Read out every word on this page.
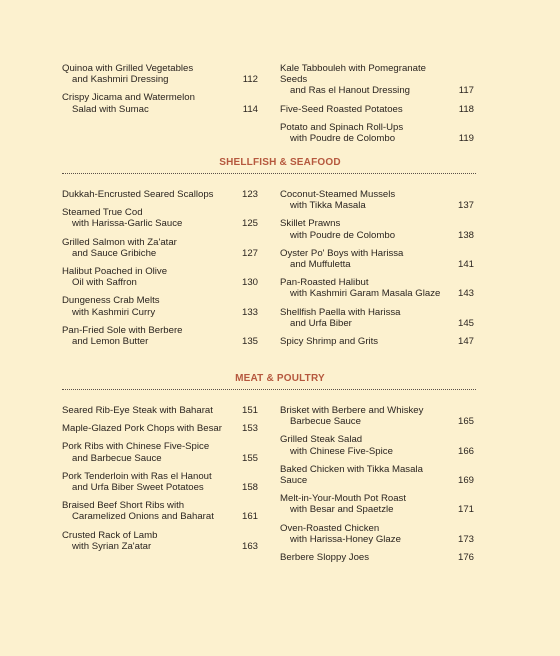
Quinoa with Grilled Vegetables
and Kashmiri Dressing	112
Crispy Jicama and Watermelon
Salad with Sumac	114
Kale Tabbouleh with Pomegranate Seeds
and Ras el Hanout Dressing	117
Five-Seed Roasted Potatoes	118
Potato and Spinach Roll-Ups
with Poudre de Colombo	119
SHELLFISH & SEAFOOD
Dukkah-Encrusted Seared Scallops	123
Steamed True Cod
with Harissa-Garlic Sauce	125
Grilled Salmon with Za'atar
and Sauce Gribiche	127
Halibut Poached in Olive
Oil with Saffron	130
Dungeness Crab Melts
with Kashmiri Curry	133
Pan-Fried Sole with Berbere
and Lemon Butter	135
Coconut-Steamed Mussels
with Tikka Masala	137
Skillet Prawns
with Poudre de Colombo	138
Oyster Po' Boys with Harissa
and Muffuletta	141
Pan-Roasted Halibut
with Kashmiri Garam Masala Glaze	143
Shellfish Paella with Harissa
and Urfa Biber	145
Spicy Shrimp and Grits	147
MEAT & POULTRY
Seared Rib-Eye Steak with Baharat	151
Maple-Glazed Pork Chops with Besar	153
Pork Ribs with Chinese Five-Spice
and Barbecue Sauce	155
Pork Tenderloin with Ras el Hanout
and Urfa Biber Sweet Potatoes	158
Braised Beef Short Ribs with
Caramelized Onions and Baharat	161
Crusted Rack of Lamb
with Syrian Za'atar	163
Brisket with Berbere and Whiskey
Barbecue Sauce	165
Grilled Steak Salad
with Chinese Five-Spice	166
Baked Chicken with Tikka Masala Sauce	169
Melt-in-Your-Mouth Pot Roast
with Besar and Spaetzle	171
Oven-Roasted Chicken
with Harissa-Honey Glaze	173
Berbere Sloppy Joes	176
